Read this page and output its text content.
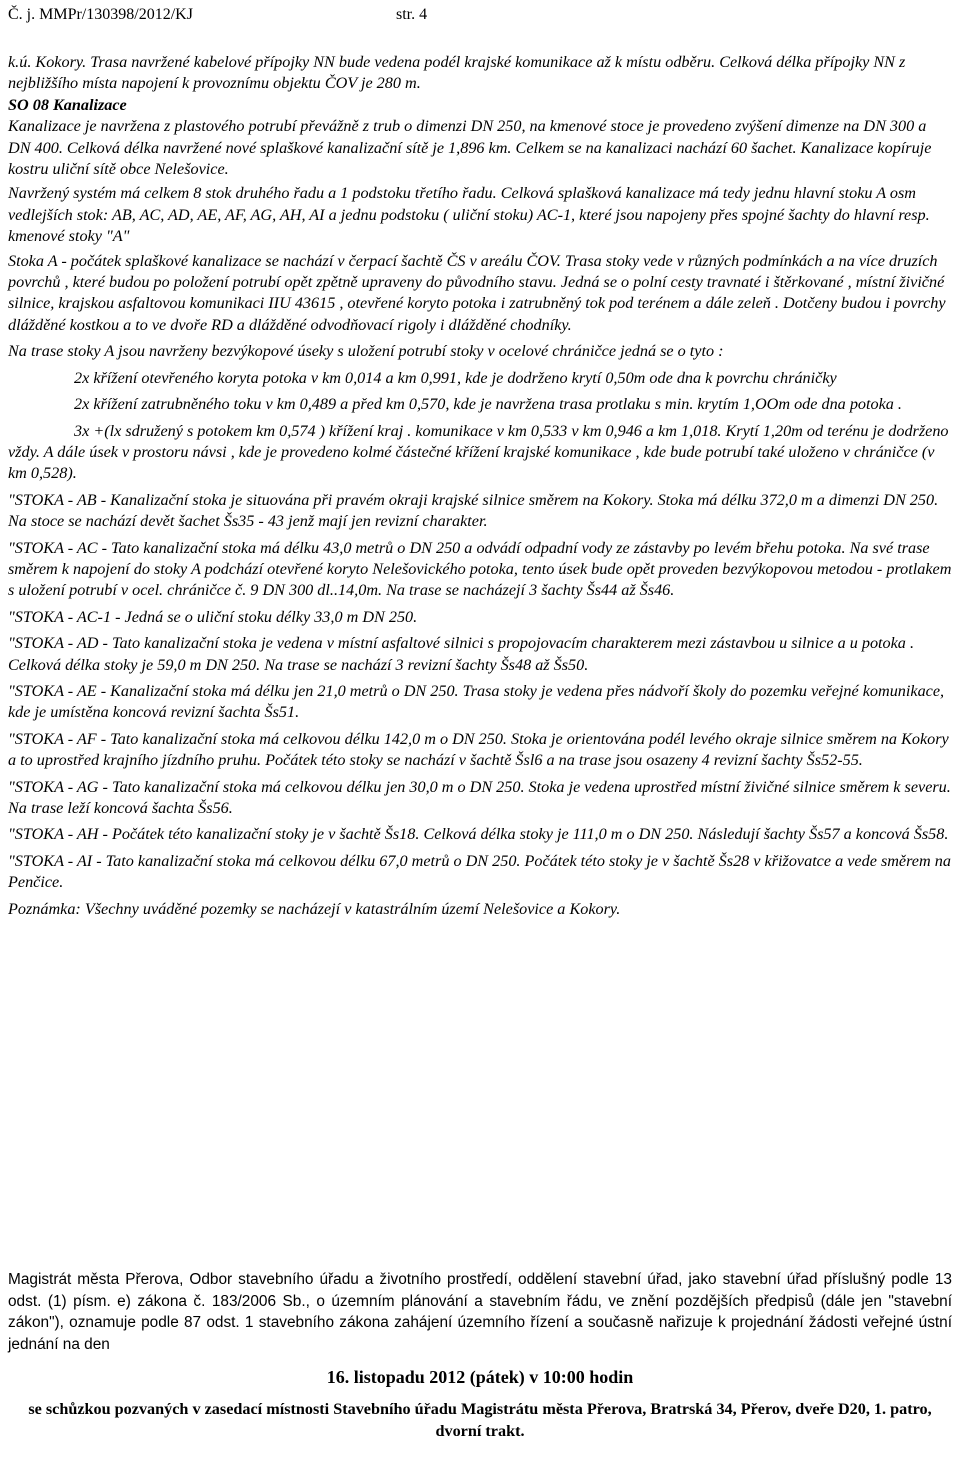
Č. j. MMPr/130398/2012/KJ	str. 4

k.ú. Kokory. Trasa navržené kabelové přípojky NN bude vedena podél krajské komunikace až k místu odběru. Celková délka přípojky NN z nejbližšího místa napojení k provoznímu objektu ČOV je 280 m.

SO 08 Kanalizace

Kanalizace je navržena z plastového potrubí převážně z trub o dimenzi DN 250, na kmenové stoce je provedeno zvýšení dimenze na DN 300 a DN 400. Celková délka navržené nové splaškové kanalizační sítě je 1,896 km. Celkem se na kanalizaci nachází 60 šachet. Kanalizace kopíruje kostru uliční sítě obce Nelešovice.

Navržený systém má celkem 8 stok druhého řadu a 1 podstoku třetího řadu. Celková splašková kanalizace má tedy jednu hlavní stoku A osm vedlejších stok: AB, AC, AD, AE, AF, AG, AH, AI a jednu podstoku ( uliční stoku) AC-1, které jsou napojeny přes spojné šachty do hlavní resp. kmenové stoky "A"

Stoka A - počátek splaškové kanalizace se nachází v čerpací šachtě ČS v areálu ČOV. Trasa stoky vede v různých podmínkách a na více druzích povrchů , které budou po položení potrubí opět zpětně upraveny do původního stavu. Jedná se o polní cesty travnaté i štěrkované , místní živičné silnice, krajskou asfaltovou komunikaci IIU 43615 , otevřené koryto potoka i zatrubněný tok pod terénem a dále zeleň . Dotčeny budou i povrchy dlážděné kostkou a to ve dvoře RD a dlážděné odvodňovací rigoly i dlážděné chodníky.

Na trase stoky A jsou navrženy bezvýkopové úseky s uložení potrubí stoky v ocelové chráničce jedná se o tyto :

2x křížení otevřeného koryta potoka v km 0,014 a km 0,991, kde je dodrženo krytí 0,50m ode dna k povrchu chráničky

2x křížení zatrubněného toku v km 0,489 a před km 0,570, kde je navržena trasa protlaku s min. krytím 1,OOm ode dna potoka .

3x +(lx sdružený s potokem km 0,574 ) křížení kraj . komunikace v km 0,533 v km 0,946 a km 1,018. Krytí 1,20m od terénu je dodrženo vždy. A dále úsek v prostoru návsi , kde je provedeno kolmé částečné křížení krajské komunikace , kde bude potrubí také uloženo v chráničce (v km 0,528).

"STOKA - AB - Kanalizační stoka je situována při pravém okraji krajské silnice směrem na Kokory. Stoka má délku 372,0 m a dimenzi DN 250. Na stoce se nachází devět šachet Šs35 - 43 jenž mají jen revizní charakter.

"STOKA - AC - Tato kanalizační stoka má délku 43,0 metrů o DN 250 a odvádí odpadní vody ze zástavby po levém břehu potoka. Na své trase směrem k napojení do stoky A podchází otevřené koryto Nelešovického potoka, tento úsek bude opět proveden bezvýkopovou metodou - protlakem s uložení potrubí v ocel. chráničce č. 9 DN 300 dl..14,0m. Na trase se nacházejí 3 šachty Šs44 až Šs46.

"STOKA - AC-1 - Jedná se o uliční stoku délky 33,0 m DN 250.

"STOKA - AD - Tato kanalizační stoka je vedena v místní asfaltové silnici s propojovacím charakterem mezi zástavbou u silnice a u potoka . Celková délka stoky je 59,0 m DN 250. Na trase se nachází 3 revizní šachty Šs48 až Šs50.

"STOKA - AE - Kanalizační stoka má délku jen 21,0 metrů o DN 250. Trasa stoky je vedena přes nádvoří školy do pozemku veřejné komunikace, kde je umístěna koncová revizní šachta Šs51.

"STOKA - AF - Tato kanalizační stoka má celkovou délku 142,0 m o DN 250. Stoka je orientována podél levého okraje silnice směrem na Kokory a to uprostřed krajního jízdního pruhu. Počátek této stoky se nachází v šachtě Šsl6 a na trase jsou osazeny 4 revizní šachty Šs52-55.

"STOKA - AG - Tato kanalizační stoka má celkovou délku jen 30,0 m o DN 250. Stoka je vedena uprostřed místní živičné silnice směrem k severu. Na trase leží koncová šachta Šs56.

"STOKA - AH - Počátek této kanalizační stoky je v šachtě Šs18. Celková délka stoky je 111,0 m o DN 250. Následují šachty Šs57 a koncová Šs58.

"STOKA - AI - Tato kanalizační stoka má celkovou délku 67,0 metrů o DN 250. Počátek této stoky je v šachtě Šs28 v křižovatce a vede směrem na Penčice.

Poznámka: Všechny uváděné pozemky se nacházejí v katastrálním území Nelešovice a Kokory.

Magistrát města Přerova, Odbor stavebního úřadu a životního prostředí, oddělení stavební úřad, jako stavební úřad příslušný podle 13 odst. (1) písm. e) zákona č. 183/2006 Sb., o územním plánování a stavebním řádu, ve znění pozdějších předpisů (dále jen "stavební zákon"), oznamuje podle 87 odst. 1 stavebního zákona zahájení územního řízení a současně nařizuje k projednání žádosti veřejné ústní jednání na den

16. listopadu 2012 (pátek) v 10:00 hodin

se schůzkou pozvaných v zasedací místnosti Stavebního úřadu Magistrátu města Přerova, Bratrská 34, Přerov, dveře D20, 1. patro, dvorní trakt.
